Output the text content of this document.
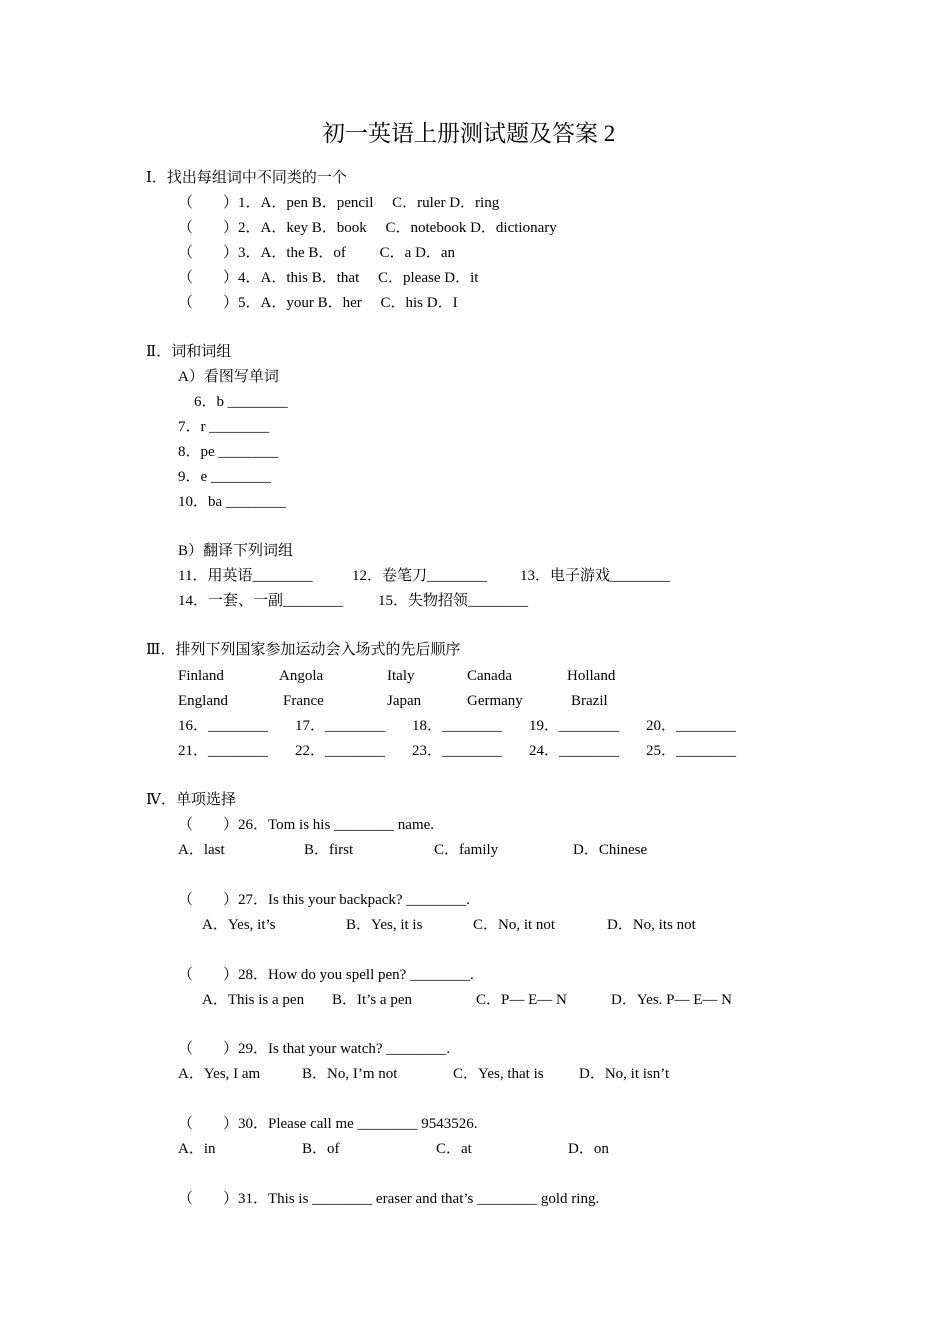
初一英语上册测试题及答案 2
Ⅰ．找出每组词中不同类的一个
（　　）1．A．pen B．pencil　 C．ruler D．ring
（　　）2．A．key B．book　 C．notebook D．dictionary
（　　）3．A．the B．of　　 C．a D．an
（　　）4．A．this B．that　 C．please D．it
（　　）5．A．your B．her　 C．his D．I
Ⅱ．词和词组
A）看图写单词
6．b ________
7．r ________
8．pe ________
9．e ________
10．ba ________
B）翻译下列词组
11．用英语________	12．卷笔刀________ 13．电子游戏________
14．一套、一副________ 15．失物招领________
Ⅲ．排列下列国家参加运动会入场式的先后顺序
Finland	Angola	Italy	Canada	Holland
England	France	Japan	Germany	Brazil
16．________ 17．________ 18．________ 19．________ 20．________
21．________ 22．________ 23．________ 24．________ 25．________
Ⅳ．单项选择
（　　）26．Tom is his ________ name.
A．last	B．first	C．family	D．Chinese
（　　）27．Is this your backpack? ________.
A．Yes, it’s	B．Yes, it is	C．No, it not	D．No, its not
（　　）28．How do you spell pen? ________.
A．This is a pen B．It’s a pen	C．P— E— N	D．Yes. P— E— N
（　　）29．Is that your watch? ________.
A．Yes, I am	B．No, I’m not	C．Yes, that is D．No, it isn’t
（　　）30．Please call me ________ 9543526.
A．in	B．of	C．at	D．on
（　　）31．This is ________ eraser and that’s ________ gold ring.
